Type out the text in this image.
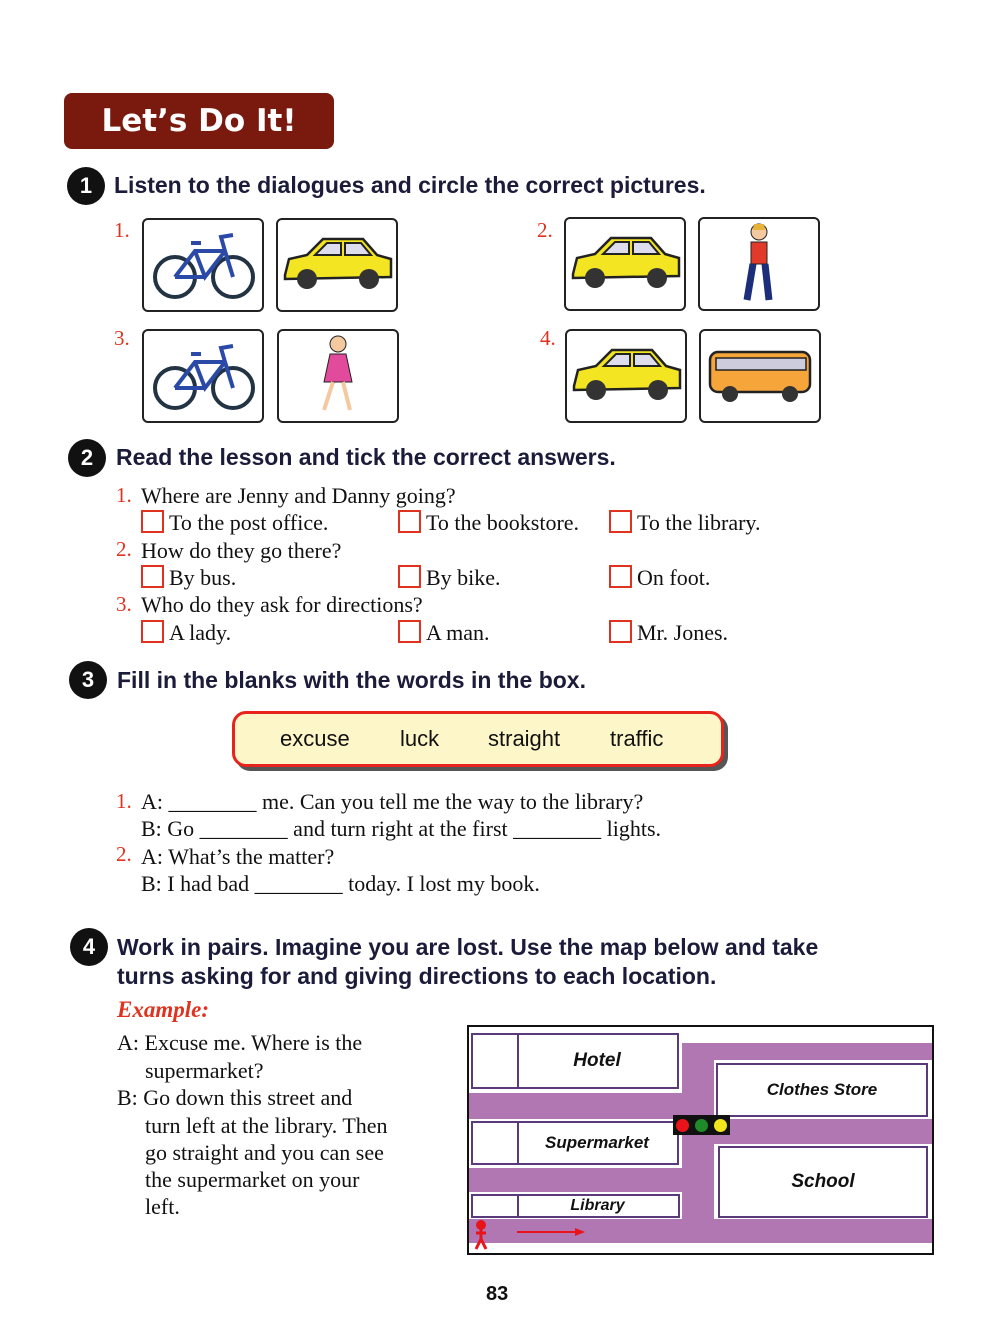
Let’s Do It!
1 Listen to the dialogues and circle the correct pictures.
1.	2.
3.	4.
2 Read the lesson and tick the correct answers.
1. Where are Jenny and Danny going?
To the post office.	To the bookstore.	To the library.
2. How do they go there?
By bus.	By bike.	On foot.
3. Who do they ask for directions?
A lady.	A man.	Mr. Jones.
3 Fill in the blanks with the words in the box.
excuse luck straight traffic
1. A: ________ me. Can you tell me the way to the library?
B: Go ________ and turn right at the first ________ lights.
2. A: What’s the matter?
B: I had bad ________ today. I lost my book.
4 Work in pairs. Imagine you are lost. Use the map below and take
turns asking for and giving directions to each location.
Example:
A: Excuse me. Where is the
supermarket?
B: Go down this street and
turn left at the library. Then
go straight and you can see
the supermarket on your
left.
Hotel
Clothes Store
Supermarket
School
Library
83
